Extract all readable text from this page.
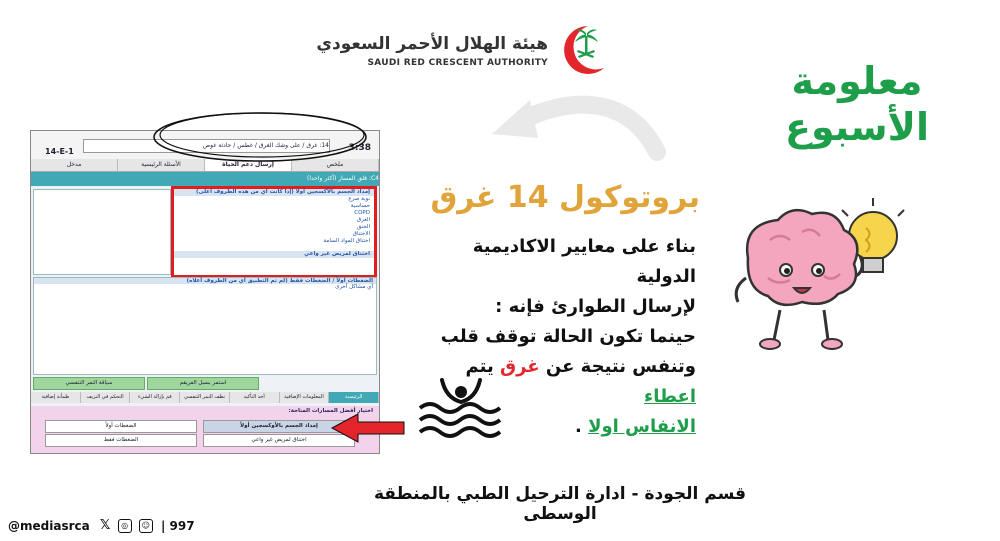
هيئة الهلال الأحمر السعودي
SAUDI RED CRESCENT AUTHORITY	معلومة
الأسبوع
بروتوكول 14 غرق
بناء على معايير الاكاديمية الدولية
لإرسال الطوارئ فإنه :
حينما تكون الحالة توقف قلب
وتنفس نتيجة عن غرق يتم اعطاء
الانفاس اولا .
3:38
14-E-1
14: غرق / على وشك الغرق / غطس / حادثة غوص
مدخل	الأسئلة الرئيسية	إرسال دعم الحياة	ملخص
C4: قلق المسار (أكثر واحدا)
إمداد الجسم بالأكسجين أولاً (إذا كانت أي من هذه الظروف أعلى)
نوبة صرع
حساسية
COPD
الغرق
الخنق
الاختناق
اختناق المواد السامة
اختناق لمريض غير واعي
الضغطات أولاً / الضغطات فقط (لم تم التطبيق أي من الظروف أعلاه)
أي مشاكل أخرى
استمر بسبل الفريقم
سياقة النمر التنفسي
طمأنة إضافية	التحكم في النزيف	قم بإزالة الشيء	نطف النمر التنفسي	أخذ التأكيد	المعلومات الإضافية	الرئيسية
اختيار أفضل المسارات المتاحة:
إمداد الجسم بالأوكسجين أولاً
الضغطات أولاً
اختناق لمريض غير واعي
الضغطات فقط
قسم الجودة - ادارة الترحيل الطبي بالمنطقة الوسطى
@mediasrca 𝕏 ◎ ☺ | 997
